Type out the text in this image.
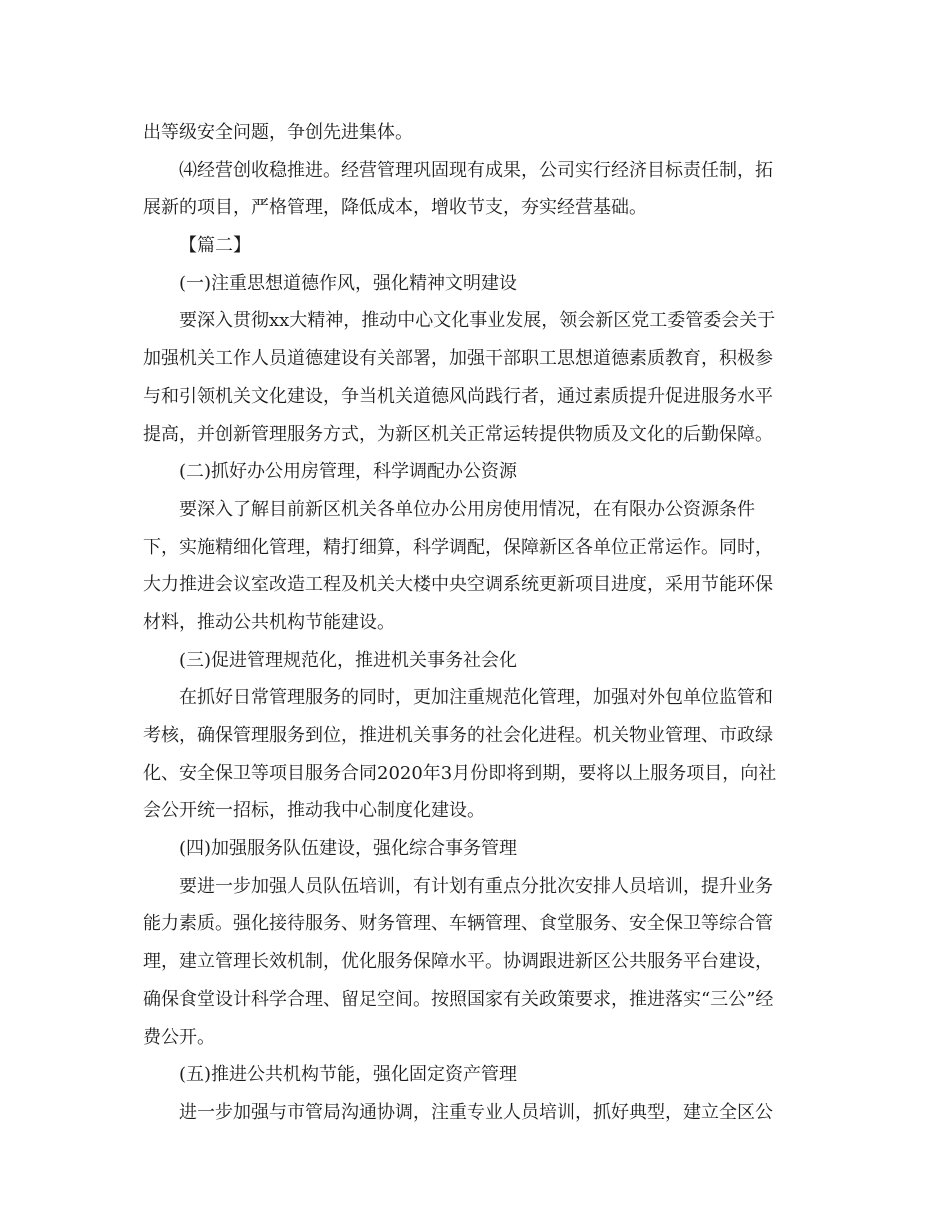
出等级安全问题，争创先进集体。
⑷经营创收稳推进。经营管理巩固现有成果，公司实行经济目标责任制，拓
展新的项目，严格管理，降低成本，增收节支，夯实经营基础。
【篇二】
(一)注重思想道德作风，强化精神文明建设
要深入贯彻xx大精神，推动中心文化事业发展，领会新区党工委管委会关于
加强机关工作人员道德建设有关部署，加强干部职工思想道德素质教育，积极参
与和引领机关文化建设，争当机关道德风尚践行者，通过素质提升促进服务水平
提高，并创新管理服务方式，为新区机关正常运转提供物质及文化的后勤保障。
(二)抓好办公用房管理，科学调配办公资源
要深入了解目前新区机关各单位办公用房使用情况，在有限办公资源条件
下，实施精细化管理，精打细算，科学调配，保障新区各单位正常运作。同时，
大力推进会议室改造工程及机关大楼中央空调系统更新项目进度，采用节能环保
材料，推动公共机构节能建设。
(三)促进管理规范化，推进机关事务社会化
在抓好日常管理服务的同时，更加注重规范化管理，加强对外包单位监管和
考核，确保管理服务到位，推进机关事务的社会化进程。机关物业管理、市政绿
化、安全保卫等项目服务合同2020年3月份即将到期，要将以上服务项目，向社
会公开统一招标，推动我中心制度化建设。
(四)加强服务队伍建设，强化综合事务管理
要进一步加强人员队伍培训，有计划有重点分批次安排人员培训，提升业务
能力素质。强化接待服务、财务管理、车辆管理、食堂服务、安全保卫等综合管
理，建立管理长效机制，优化服务保障水平。协调跟进新区公共服务平台建设，
确保食堂设计科学合理、留足空间。按照国家有关政策要求，推进落实“三公”经
费公开。
(五)推进公共机构节能，强化固定资产管理
进一步加强与市管局沟通协调，注重专业人员培训，抓好典型，建立全区公
